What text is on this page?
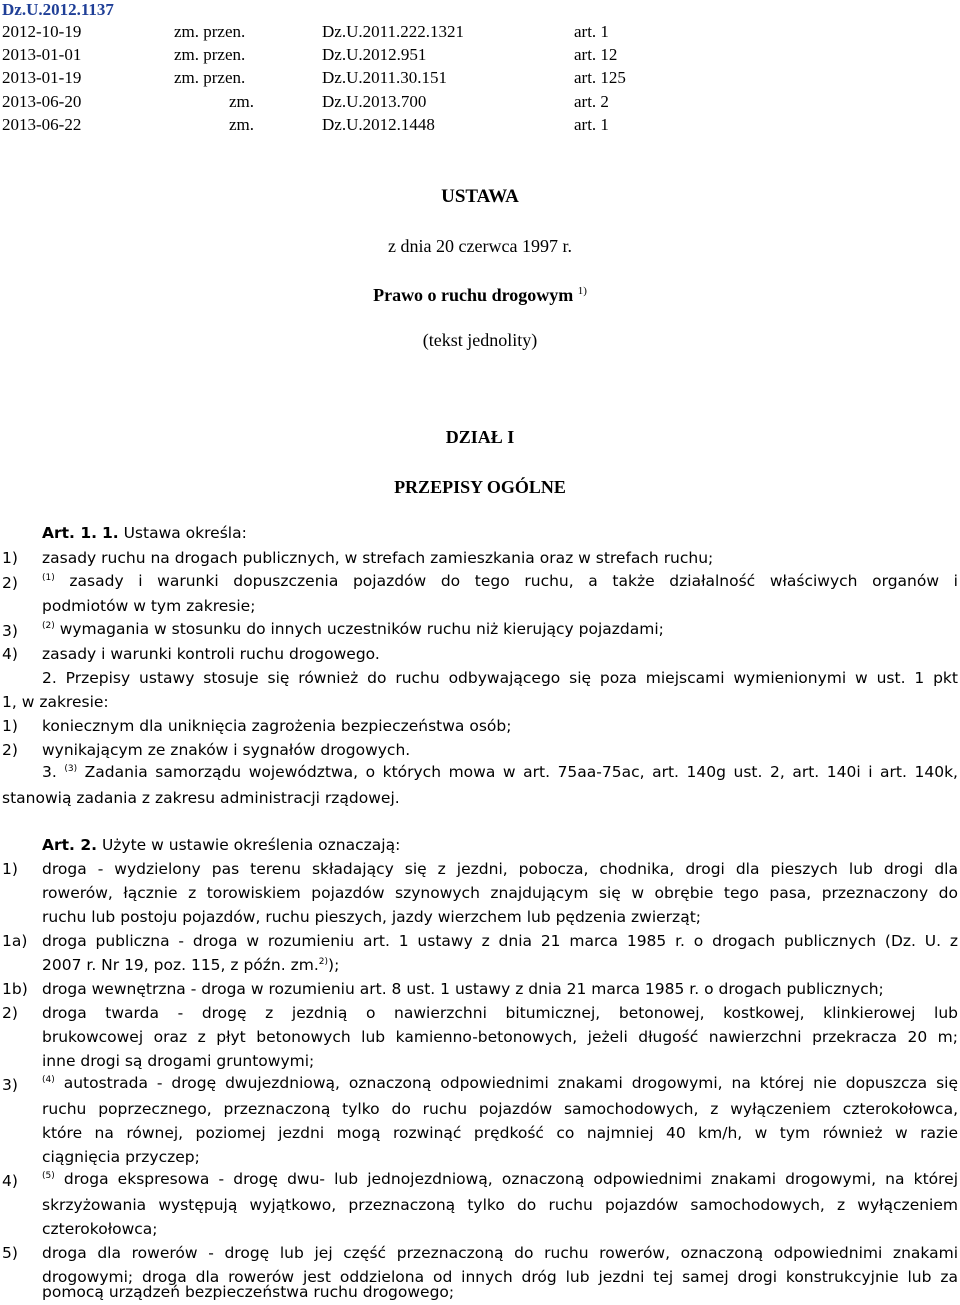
Dz.U.2012.1137
2012-10-19	zm. przen.	Dz.U.2011.222.1321	art. 1
2013-01-01	zm. przen.	Dz.U.2012.951	art. 12
2013-01-19	zm. przen.	Dz.U.2011.30.151	art. 125
2013-06-20	zm.	Dz.U.2013.700	art. 2
2013-06-22	zm.	Dz.U.2012.1448	art. 1
USTAWA
z dnia 20 czerwca 1997 r.
Prawo o ruchu drogowym $^{1)}$
(tekst jednolity)
DZIAŁ I
PRZEPISY OGÓLNE
Art. 1. 1. Ustawa określa:
1) zasady ruchu na drogach publicznych, w strefach zamieszkania oraz w strefach ruchu;
2)	$^{(1)}$ zasady i warunki dopuszczenia pojazdów do tego ruchu, a także działalność właściwych organów i
podmiotów w tym zakresie;
3)	$^{(2)}$ wymagania w stosunku do innych uczestników ruchu niż kierujący pojazdami;
4) zasady i warunki kontroli ruchu drogowego.
2. Przepisy ustawy stosuje się również do ruchu odbywającego się poza miejscami wymienionymi w ust. 1 pkt
1, w zakresie:
1) koniecznym dla uniknięcia zagrożenia bezpieczeństwa osób;
2) wynikającym ze znaków i sygnałów drogowych.
3. $^{(3)}$ Zadania samorządu województwa, o których mowa w art. 75aa-75ac, art. 140g ust. 2, art. 140i i art. 140k,
stanowią zadania z zakresu administracji rządowej.
Art. 2. Użyte w ustawie określenia oznaczają:
1) droga - wydzielony pas terenu składający się z jezdni, pobocza, chodnika, drogi dla pieszych lub drogi dla
rowerów, łącznie z torowiskiem pojazdów szynowych znajdującym się w obrębie tego pasa, przeznaczony do
ruchu lub postoju pojazdów, ruchu pieszych, jazdy wierzchem lub pędzenia zwierząt;
1a) droga publiczna - droga w rozumieniu art. 1 ustawy z dnia 21 marca 1985 r. o drogach publicznych (Dz. U. z
2007 r. Nr 19, poz. 115, z późn. zm.$^{2)}$);
1b) droga wewnętrzna - droga w rozumieniu art. 8 ust. 1 ustawy z dnia 21 marca 1985 r. o drogach publicznych;
2) droga twarda - drogę z jezdnią o nawierzchni bitumicznej, betonowej, kostkowej, klinkierowej lub
brukowcowej oraz z płyt betonowych lub kamienno-betonowych, jeżeli długość nawierzchni przekracza 20 m;
inne drogi są drogami gruntowymi;
3)	$^{(4)}$ autostrada - drogę dwujezdniową, oznaczoną odpowiednimi znakami drogowymi, na której nie dopuszcza się
ruchu poprzecznego, przeznaczoną tylko do ruchu pojazdów samochodowych, z wyłączeniem czterokołowca,
które na równej, poziomej jezdni mogą rozwinąć prędkość co najmniej 40 km/h, w tym również w razie
ciągnięcia przyczep;
4)	$^{(5)}$ droga ekspresowa - drogę dwu- lub jednojezdniową, oznaczoną odpowiednimi znakami drogowymi, na której
skrzyżowania występują wyjątkowo, przeznaczoną tylko do ruchu pojazdów samochodowych, z wyłączeniem
czterokołowca;
5) droga dla rowerów - drogę lub jej część przeznaczoną do ruchu rowerów, oznaczoną odpowiednimi znakami
drogowymi; droga dla rowerów jest oddzielona od innych dróg lub jezdni tej samej drogi konstrukcyjnie lub za
pomocą urządzeń bezpieczeństwa ruchu drogowego;
